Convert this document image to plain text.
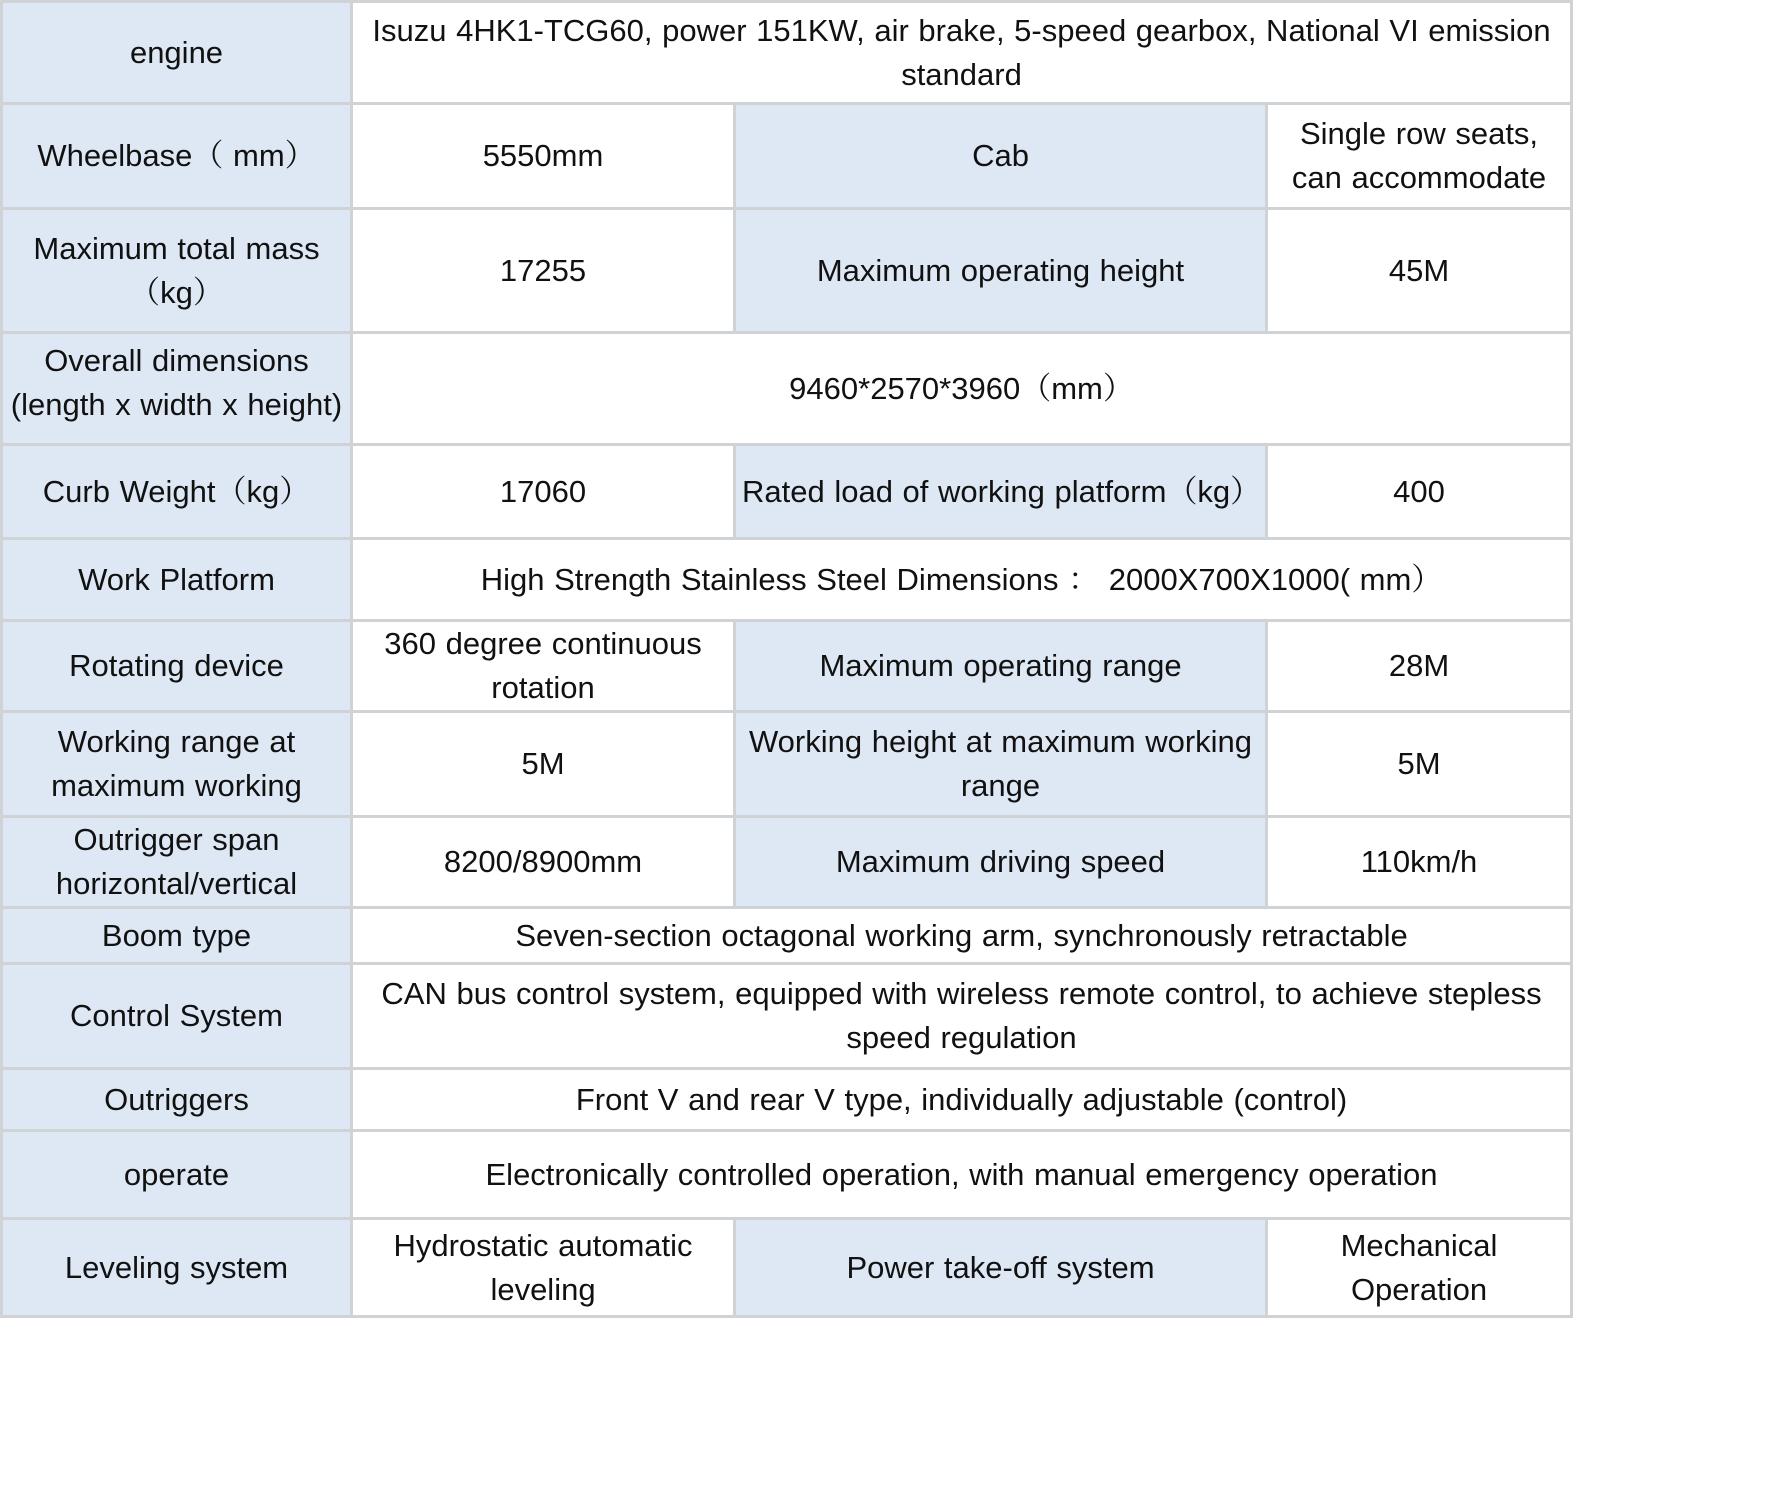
engine	Isuzu 4HK1-TCG60, power 151KW, air brake, 5-speed gearbox, National VI emission standard		
Wheelbase（ mm）	5550mm	Cab	Single row seats, can accommodate
Maximum total mass（kg）	17255	Maximum operating height	45M

Overall dimensions (length x width x height)	9460*2570*3960（mm）		
Curb Weight（kg）	17060	Rated load of working platform（kg）	400
Work Platform	High Strength Stainless Steel Dimensions ： 2000X700X1000( mm）		
Rotating device	360 degree continuous rotation	Maximum operating range	28M
Working range at maximum working	5M	Working height at maximum working range	5M
Outrigger span horizontal/vertical	8200/8900mm	Maximum driving speed	110km/h
Boom type	Seven-section octagonal working arm, synchronously retractable		
Control System	CAN bus control system, equipped with wireless remote control, to achieve stepless speed regulation		
Outriggers	Front V and rear V type, individually adjustable (control)		
operate	Electronically controlled operation, with manual emergency operation		
Leveling system	Hydrostatic automatic leveling	Power take-off system	Mechanical Operation
